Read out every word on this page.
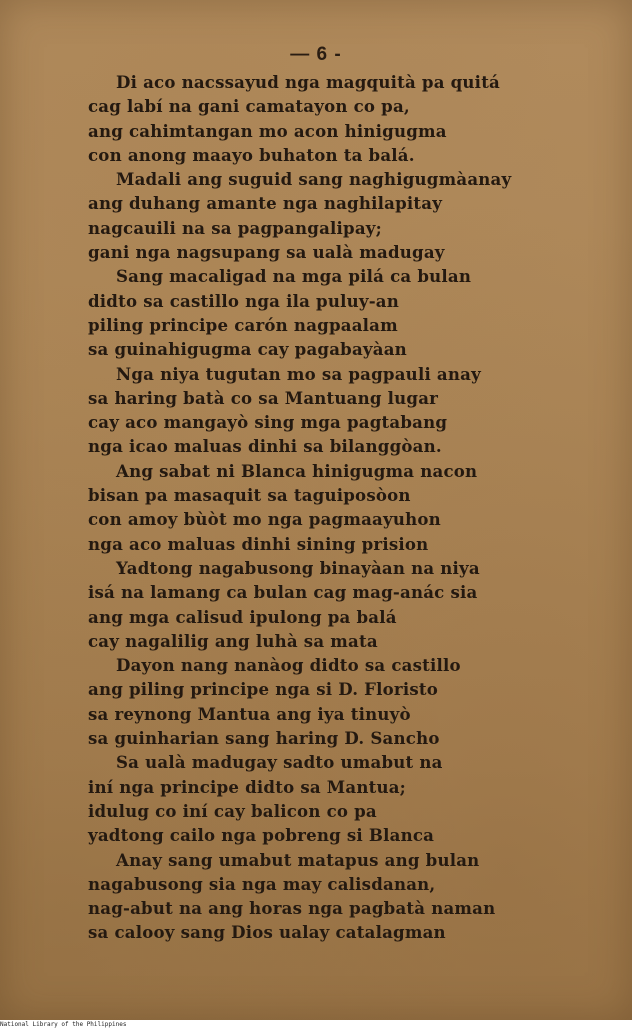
— 6 -
Di aco nacssayud nga magquità pa quitá
cag labí na gani camatayon co pa,
ang cahimtangan mo acon hinigugma
con anong maayo buhaton ta balá.
Madali ang suguid sang naghigugmàanay
ang duhang amante nga naghilapitay
nagcauili na sa pagpangalipay;
gani nga nagsupang sa ualà madugay
Sang macaligad na mga pilá ca bulan
didto sa castillo nga ila puluy-an
piling principe carón nagpaalam
sa guinahigugma cay pagabayàan
Nga niya tugutan mo sa pagpauli anay
sa haring batà co sa Mantuang lugar
cay aco mangayò sing mga pagtabang
nga icao maluas dinhi sa bilanggòan.
Ang sabat ni Blanca hinigugma nacon
bisan pa masaquit sa taguiposòon
con amoy bùòt mo nga pagmaayuhon
nga aco maluas dinhi sining prision
Yadtong nagabusong binayàan na niya
isá na lamang ca bulan cag mag-anác sia
ang mga calisud ipulong pa balá
cay nagalilig ang luhà sa mata
Dayon nang nanàog didto sa castillo
ang piling principe nga si D. Floristo
sa reynong Mantua ang iya tinuyò
sa guinharian sang haring D. Sancho
Sa ualà madugay sadto umabut na
iní nga principe didto sa Mantua;
idulug co iní cay balicon co pa
yadtong cailo nga pobreng si Blanca
Anay sang umabut matapus ang bulan
nagabusong sia nga may calisdanan,
nag-abut na ang horas nga pagbatà naman
sa calooy sang Dios ualay catalagman
National Library of the Philippines
